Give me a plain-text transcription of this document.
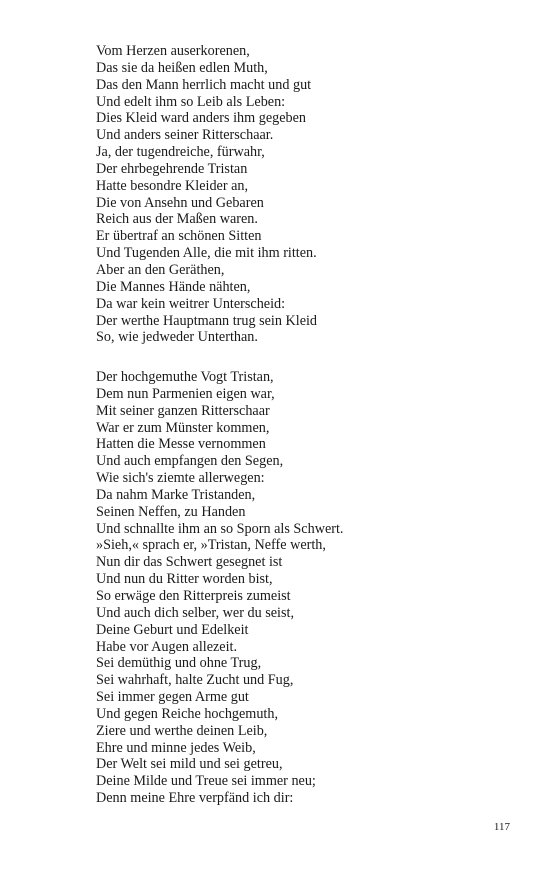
Vom Herzen auserkorenen,
Das sie da heißen edlen Muth,
Das den Mann herrlich macht und gut
Und edelt ihm so Leib als Leben:
Dies Kleid ward anders ihm gegeben
Und anders seiner Ritterschaar.
Ja, der tugendreiche, fürwahr,
Der ehrbegehrende Tristan
Hatte besondre Kleider an,
Die von Ansehn und Gebaren
Reich aus der Maßen waren.
Er übertraf an schönen Sitten
Und Tugenden Alle, die mit ihm ritten.
Aber an den Geräthen,
Die Mannes Hände nähten,
Da war kein weitrer Unterscheid:
Der werthe Hauptmann trug sein Kleid
So, wie jedweder Unterthan.
Der hochgemuthe Vogt Tristan,
Dem nun Parmenien eigen war,
Mit seiner ganzen Ritterschaar
War er zum Münster kommen,
Hatten die Messe vernommen
Und auch empfangen den Segen,
Wie sich's ziemte allerwegen:
Da nahm Marke Tristanden,
Seinen Neffen, zu Handen
Und schnallte ihm an so Sporn als Schwert.
»Sieh,« sprach er, »Tristan, Neffe werth,
Nun dir das Schwert gesegnet ist
Und nun du Ritter worden bist,
So erwäge den Ritterpreis zumeist
Und auch dich selber, wer du seist,
Deine Geburt und Edelkeit
Habe vor Augen allezeit.
Sei demüthig und ohne Trug,
Sei wahrhaft, halte Zucht und Fug,
Sei immer gegen Arme gut
Und gegen Reiche hochgemuth,
Ziere und werthe deinen Leib,
Ehre und minne jedes Weib,
Der Welt sei mild und sei getreu,
Deine Milde und Treue sei immer neu;
Denn meine Ehre verpfänd ich dir:
117
